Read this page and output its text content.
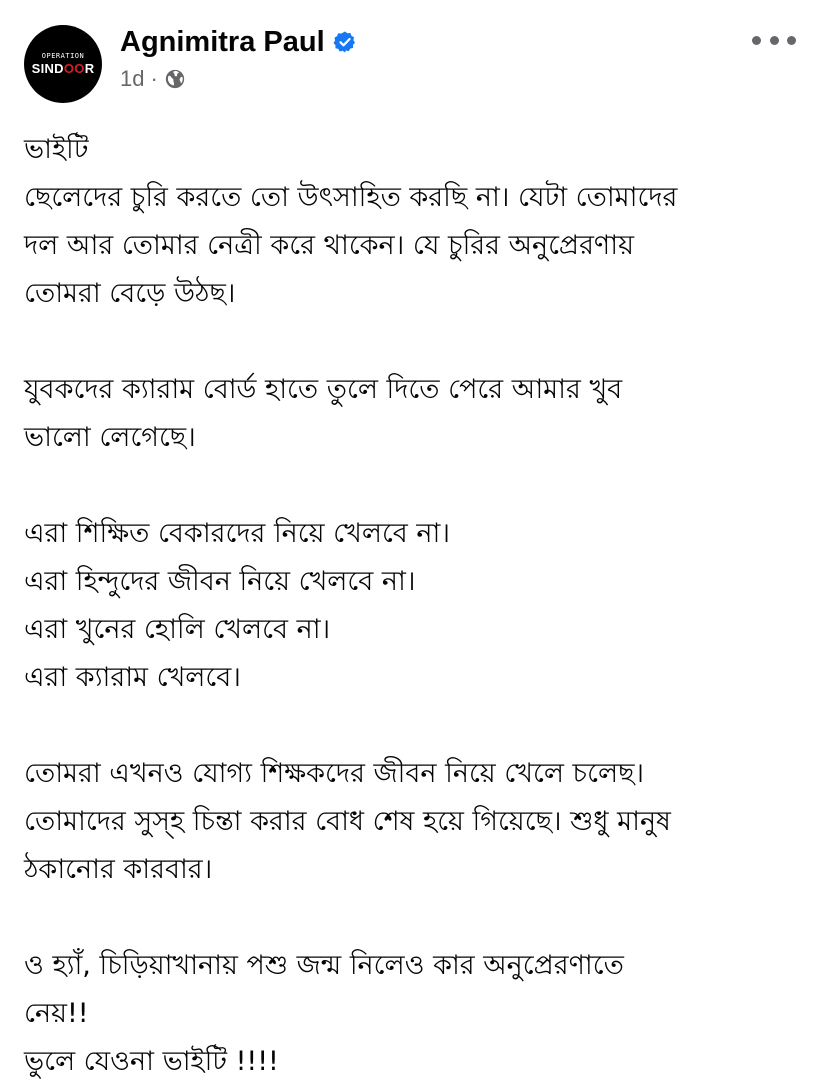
OPERATION
SINDOOR
Agnimitra Paul
1d ·

ভাইটি
ছেলেদের চুরি করতে তো উৎসাহিত করছি না। যেটা তোমাদের
দল আর তোমার নেত্রী করে থাকেন। যে চুরির অনুপ্রেরণায়
তোমরা বেড়ে উঠছ।

যুবকদের ক্যারাম বোর্ড হাতে তুলে দিতে পেরে আমার খুব
ভালো লেগেছে।

এরা শিক্ষিত বেকারদের নিয়ে খেলবে না।
এরা হিন্দুদের জীবন নিয়ে খেলবে না।
এরা খুনের হোলি খেলবে না।
এরা ক্যারাম খেলবে।

তোমরা এখনও যোগ্য শিক্ষকদের জীবন নিয়ে খেলে চলেছ।
তোমাদের সুস্হ চিন্তা করার বোধ শেষ হয়ে গিয়েছে। শুধু মানুষ
ঠকানোর কারবার।

ও হ্যাঁ, চিড়িয়াখানায় পশু জন্ম নিলেও কার অনুপ্রেরণাতে
নেয়!!
ভুলে যেওনা ভাইটি !!!!
